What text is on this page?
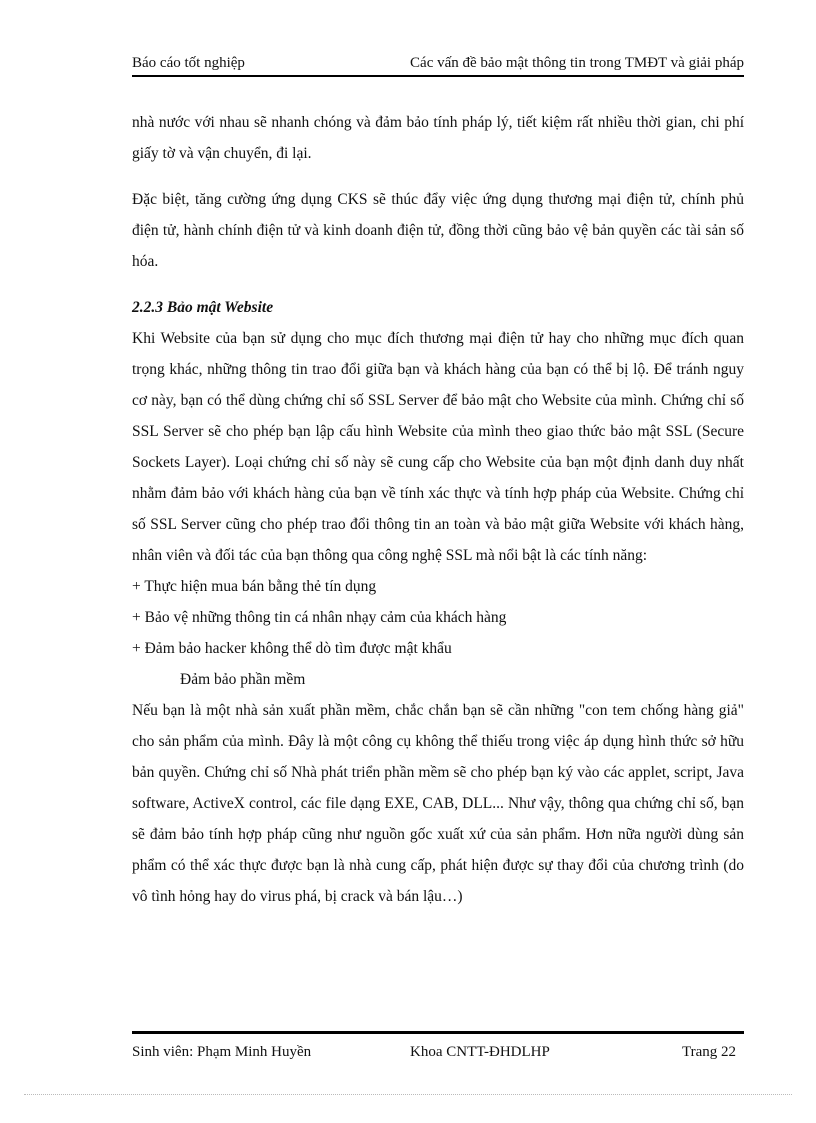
Báo cáo tốt nghiệp	Các vấn đề bảo mật thông tin trong TMĐT và giải pháp

nhà nước với nhau sẽ nhanh chóng và đảm bảo tính pháp lý, tiết kiệm rất nhiều thời gian, chi phí giấy tờ và vận chuyển, đi lại.

Đặc biệt, tăng cường ứng dụng CKS sẽ thúc đẩy việc ứng dụng thương mại điện tử, chính phủ điện tử, hành chính điện tử và kinh doanh điện tử, đồng thời cũng bảo vệ bản quyền các tài sản số hóa.

2.2.3 Bảo mật Website

Khi Website của bạn sử dụng cho mục đích thương mại điện tử hay cho những mục đích quan trọng khác, những thông tin trao đổi giữa bạn và khách hàng của bạn có thể bị lộ. Để tránh nguy cơ này, bạn có thể dùng chứng chỉ số SSL Server để bảo mật cho Website của mình. Chứng chỉ số SSL Server sẽ cho phép bạn lập cấu hình Website của mình theo giao thức bảo mật SSL (Secure Sockets Layer). Loại chứng chỉ số này sẽ cung cấp cho Website của bạn một định danh duy nhất nhằm đảm bảo với khách hàng của bạn về tính xác thực và tính hợp pháp của Website. Chứng chỉ số SSL Server cũng cho phép trao đổi thông tin an toàn và bảo mật giữa Website với khách hàng, nhân viên và đối tác của bạn thông qua công nghệ SSL mà nổi bật là các tính năng:

+ Thực hiện mua bán bằng thẻ tín dụng

+ Bảo vệ những thông tin cá nhân nhạy cảm của khách hàng

+ Đảm bảo hacker không thể dò tìm được mật khẩu

Đảm bảo phần mềm

Nếu bạn là một nhà sản xuất phần mềm, chắc chắn bạn sẽ cần những "con tem chống hàng giả" cho sản phẩm của mình. Đây là một công cụ không thể thiếu trong việc áp dụng hình thức sở hữu bản quyền. Chứng chỉ số Nhà phát triển phần mềm sẽ cho phép bạn ký vào các applet, script, Java software, ActiveX control, các file dạng EXE, CAB, DLL... Như vậy, thông qua chứng chỉ số, bạn sẽ đảm bảo tính hợp pháp cũng như nguồn gốc xuất xứ của sản phẩm. Hơn nữa người dùng sản phẩm có thể xác thực được bạn là nhà cung cấp, phát hiện được sự thay đổi của chương trình (do vô tình hỏng hay do virus phá, bị crack và bán lậu…)

Sinh viên: Phạm Minh Huyền	Khoa CNTT-ĐHDLHP	Trang 22
